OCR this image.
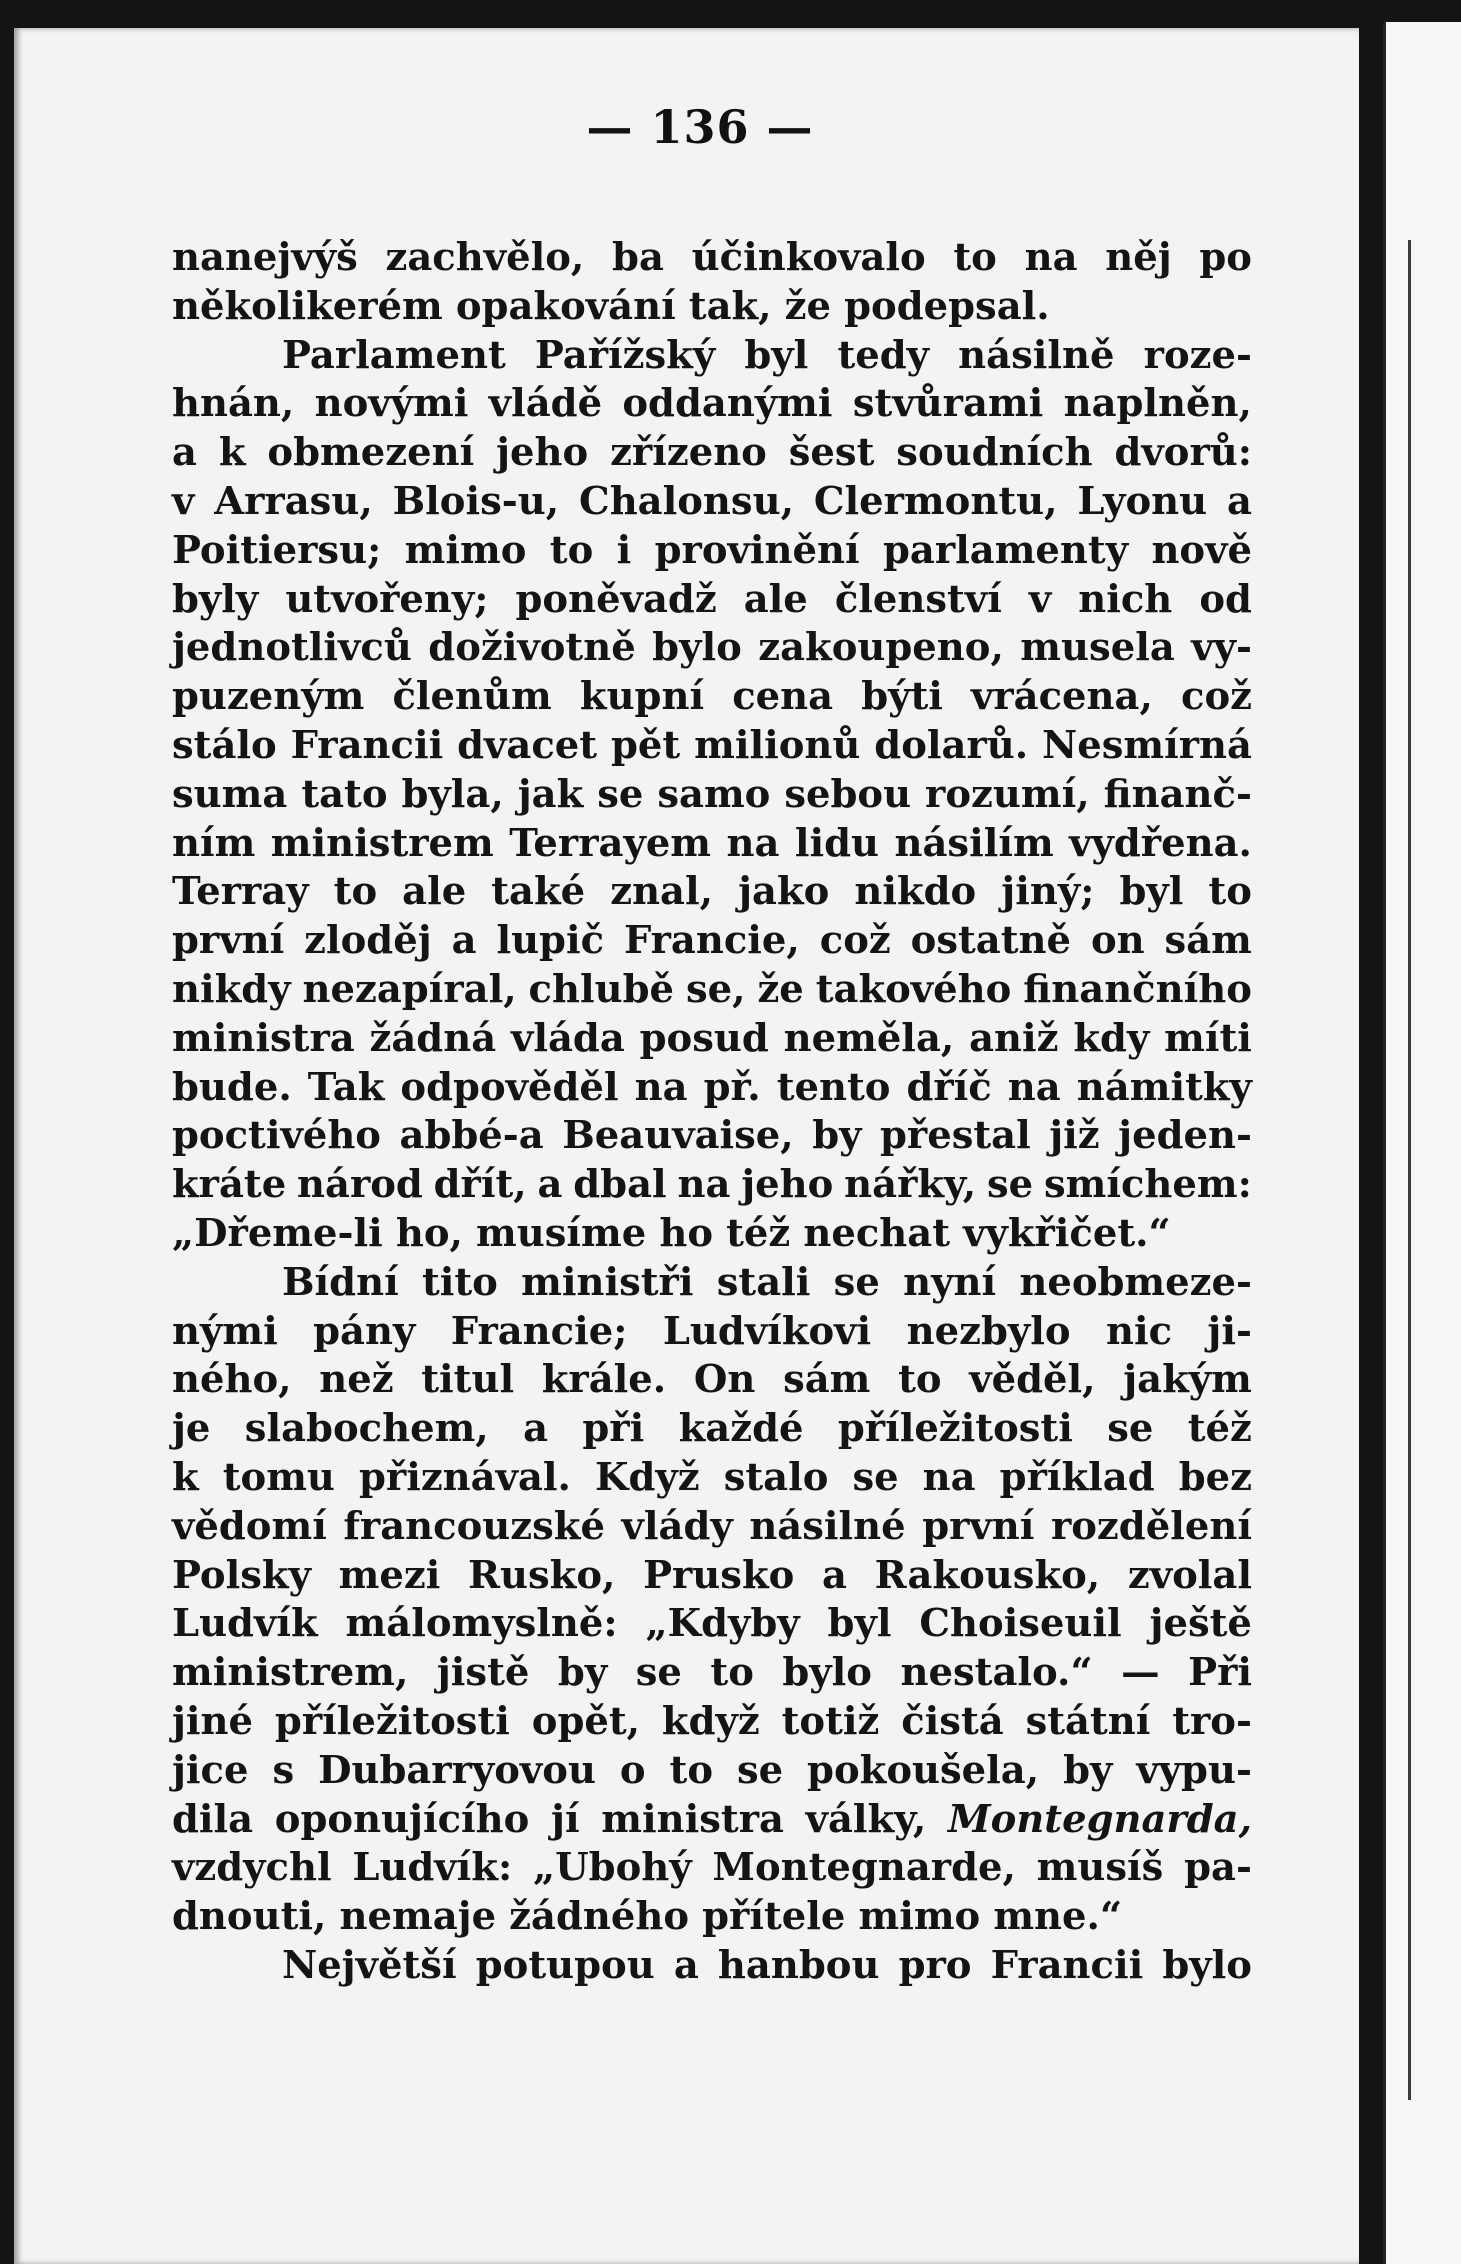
— 136 —
nanejvýš zachvělo, ba účinkovalo to na něj po
několikerém opakování tak, že podepsal.
Parlament Pařížský byl tedy násilně roze-
hnán, novými vládě oddanými stvůrami naplněn,
a k obmezení jeho zřízeno šest soudních dvorů:
v Arrasu, Blois-u, Chalonsu, Clermontu, Lyonu a
Poitiersu; mimo to i provinění parlamenty nově
byly utvořeny; poněvadž ale členství v nich od
jednotlivců doživotně bylo zakoupeno, musela vy-
puzeným členům kupní cena býti vrácena, což
stálo Francii dvacet pět milionů dolarů. Nesmírná
suma tato byla, jak se samo sebou rozumí, finanč-
ním ministrem Terrayem na lidu násilím vydřena.
Terray to ale také znal, jako nikdo jiný; byl to
první zloděj a lupič Francie, což ostatně on sám
nikdy nezapíral, chlubě se, že takového finančního
ministra žádná vláda posud neměla, aniž kdy míti
bude. Tak odpověděl na př. tento dříč na námitky
poctivého abbé-a Beauvaise, by přestal již jeden-
kráte národ dřít, a dbal na jeho nářky, se smíchem:
„Dřeme-li ho, musíme ho též nechat vykřičet.“
Bídní tito ministři stali se nyní neobmeze-
nými pány Francie; Ludvíkovi nezbylo nic ji-
ného, než titul krále. On sám to věděl, jakým
je slabochem, a při každé příležitosti se též
k tomu přiznával. Když stalo se na příklad bez
vědomí francouzské vlády násilné první rozdělení
Polsky mezi Rusko, Prusko a Rakousko, zvolal
Ludvík málomyslně: „Kdyby byl Choiseuil ještě
ministrem, jistě by se to bylo nestalo.“ — Při
jiné příležitosti opět, když totiž čistá státní tro-
jice s Dubarryovou o to se pokoušela, by vypu-
dila oponujícího jí ministra války, Montegnarda,
vzdychl Ludvík: „Ubohý Montegnarde, musíš pa-
dnouti, nemaje žádného přítele mimo mne.“
Největší potupou a hanbou pro Francii bylo
